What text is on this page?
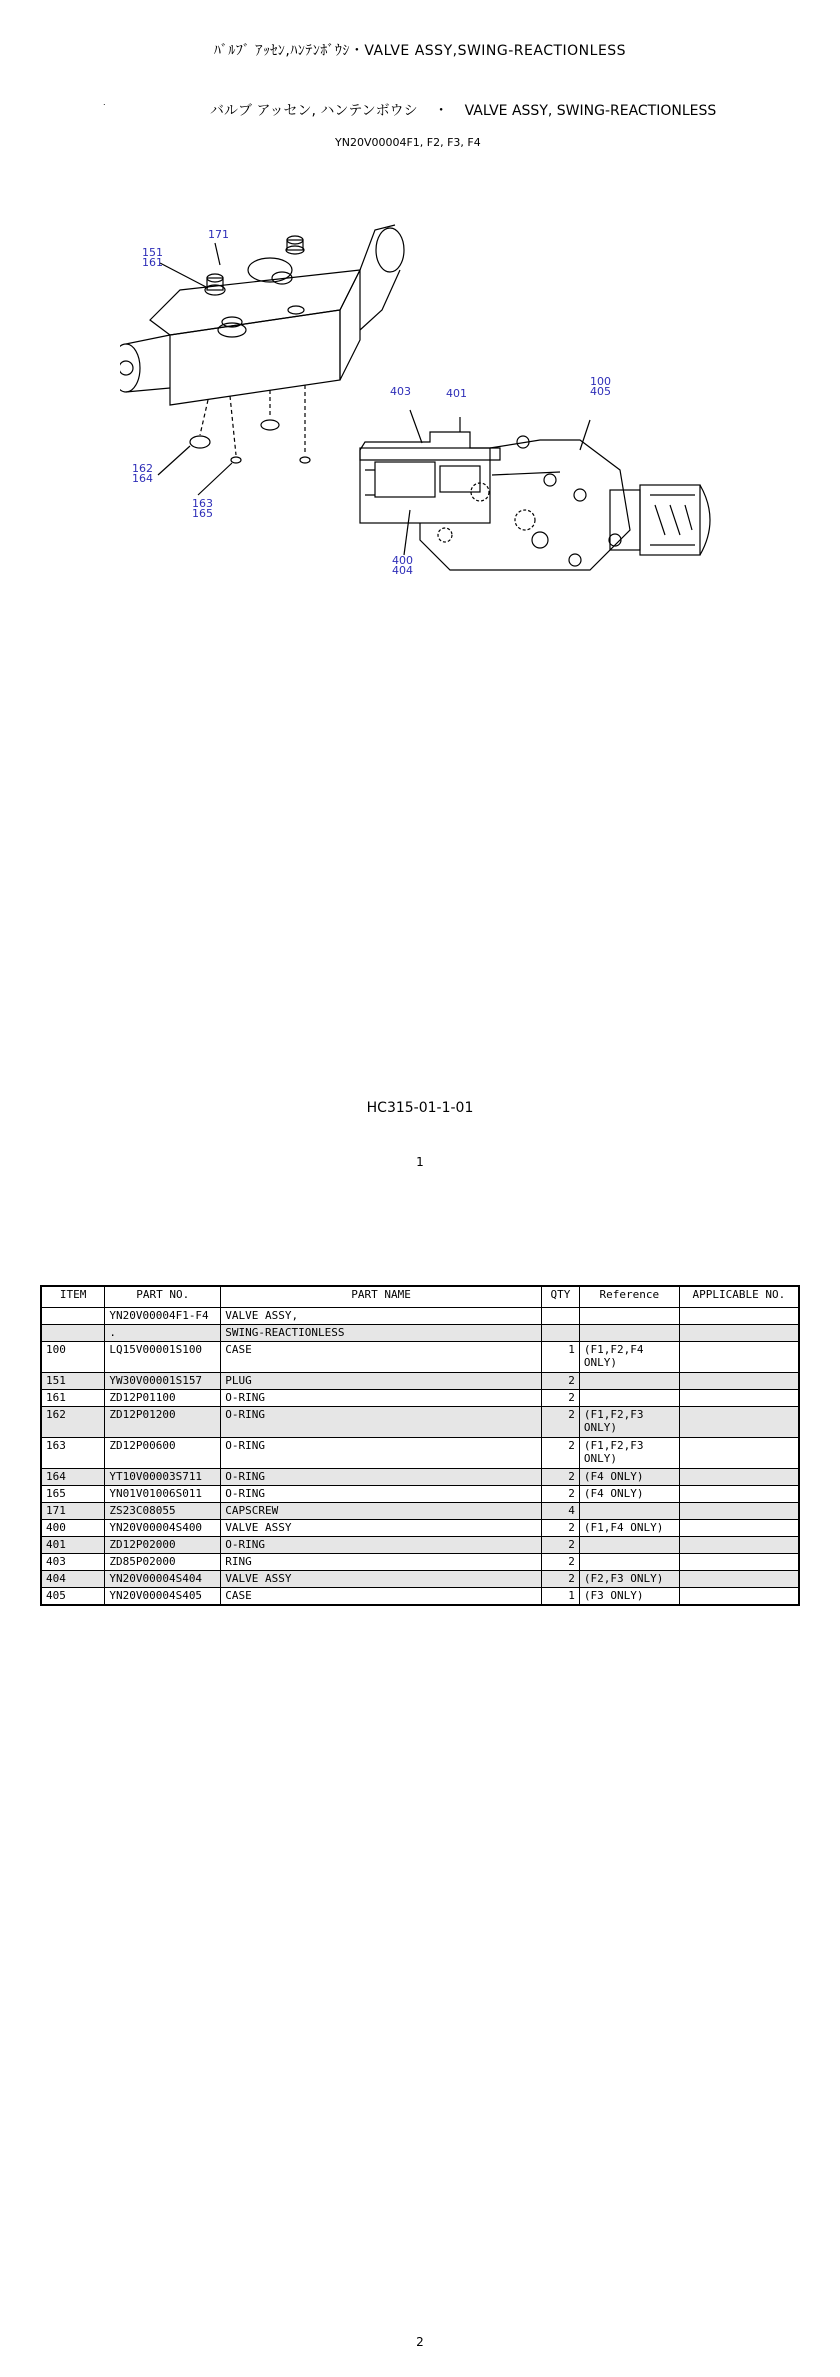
ﾊﾞﾙﾌﾞ ｱｯｾﾝ,ﾊﾝﾃﾝﾎﾞｳｼ・VALVE ASSY,SWING-REACTIONLESS
.
バルブ アッセン, ハンテンボウシ ・ VALVE ASSY, SWING-REACTIONLESS
YN20V00004F1, F2, F3, F4
171
151
161
162
164
163
165
403	401
100
405
400
404
HC315-01-1-01
1
ITEM	PART NO.	PART NAME	QTY	Reference	APPLICABLE NO.
	YN20V00004F1-F4	VALVE ASSY,			
	.	SWING-REACTIONLESS			
100	LQ15V00001S100	CASE	1	(F1,F2,F4
ONLY)	
151	YW30V00001S157	PLUG	2		
161	ZD12P01100	O-RING	2		
162	ZD12P01200	O-RING	2	(F1,F2,F3
ONLY)	
163	ZD12P00600	O-RING	2	(F1,F2,F3
ONLY)	
164	YT10V00003S711	O-RING	2	(F4 ONLY)	
165	YN01V01006S011	O-RING	2	(F4 ONLY)	
171	ZS23C08055	CAPSCREW	4		
400	YN20V00004S400	VALVE ASSY	2	(F1,F4 ONLY)	
401	ZD12P02000	O-RING	2		
403	ZD85P02000	RING	2		
404	YN20V00004S404	VALVE ASSY	2	(F2,F3 ONLY)	
405	YN20V00004S405	CASE	1	(F3 ONLY)	
2
